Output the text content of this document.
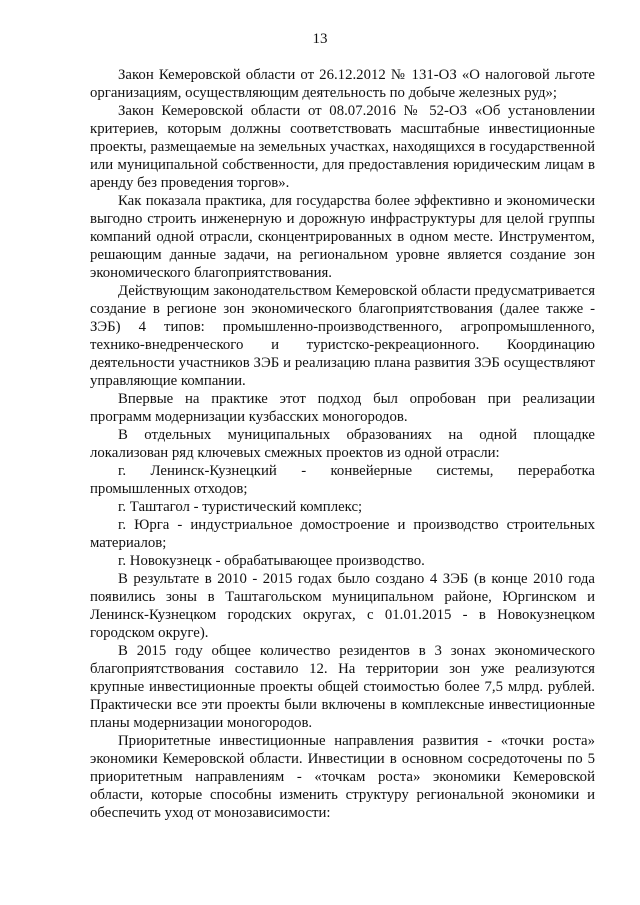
13

Закон Кемеровской области от 26.12.2012 № 131-ОЗ «О налоговой льготе организациям, осуществляющим деятельность по добыче железных руд»;

Закон Кемеровской области от 08.07.2016 № 52-ОЗ «Об установлении критериев, которым должны соответствовать масштабные инвестиционные проекты, размещаемые на земельных участках, находящихся в государственной или муниципальной собственности, для предоставления юридическим лицам в аренду без проведения торгов».

Как показала практика, для государства более эффективно и экономически выгодно строить инженерную и дорожную инфраструктуры для целой группы компаний одной отрасли, сконцентрированных в одном месте. Инструментом, решающим данные задачи, на региональном уровне является создание зон экономического благоприятствования.

Действующим законодательством Кемеровской области предусматривается создание в регионе зон экономического благоприятствования (далее также - ЗЭБ) 4 типов: промышленно-производственного, агропромышленного, технико-внедренческого и туристско-рекреационного. Координацию деятельности участников ЗЭБ и реализацию плана развития ЗЭБ осуществляют управляющие компании.

Впервые на практике этот подход был опробован при реализации программ модернизации кузбасских моногородов.

В отдельных муниципальных образованиях на одной площадке локализован ряд ключевых смежных проектов из одной отрасли:

г. Ленинск-Кузнецкий - конвейерные системы, переработка промышленных отходов;

г. Таштагол - туристический комплекс;

г. Юрга - индустриальное домостроение и производство строительных материалов;

г. Новокузнецк - обрабатывающее производство.

В результате в 2010 - 2015 годах было создано 4 ЗЭБ (в конце 2010 года появились зоны в Таштагольском муниципальном районе, Юргинском и Ленинск-Кузнецком городских округах, с 01.01.2015 - в Новокузнецком городском округе).

В 2015 году общее количество резидентов в 3 зонах экономического благоприятствования составило 12. На территории зон уже реализуются крупные инвестиционные проекты общей стоимостью более 7,5 млрд. рублей. Практически все эти проекты были включены в комплексные инвестиционные планы модернизации моногородов.

Приоритетные инвестиционные направления развития - «точки роста» экономики Кемеровской области. Инвестиции в основном сосредоточены по 5 приоритетным направлениям - «точкам роста» экономики Кемеровской области, которые способны изменить структуру региональной экономики и обеспечить уход от монозависимости:
